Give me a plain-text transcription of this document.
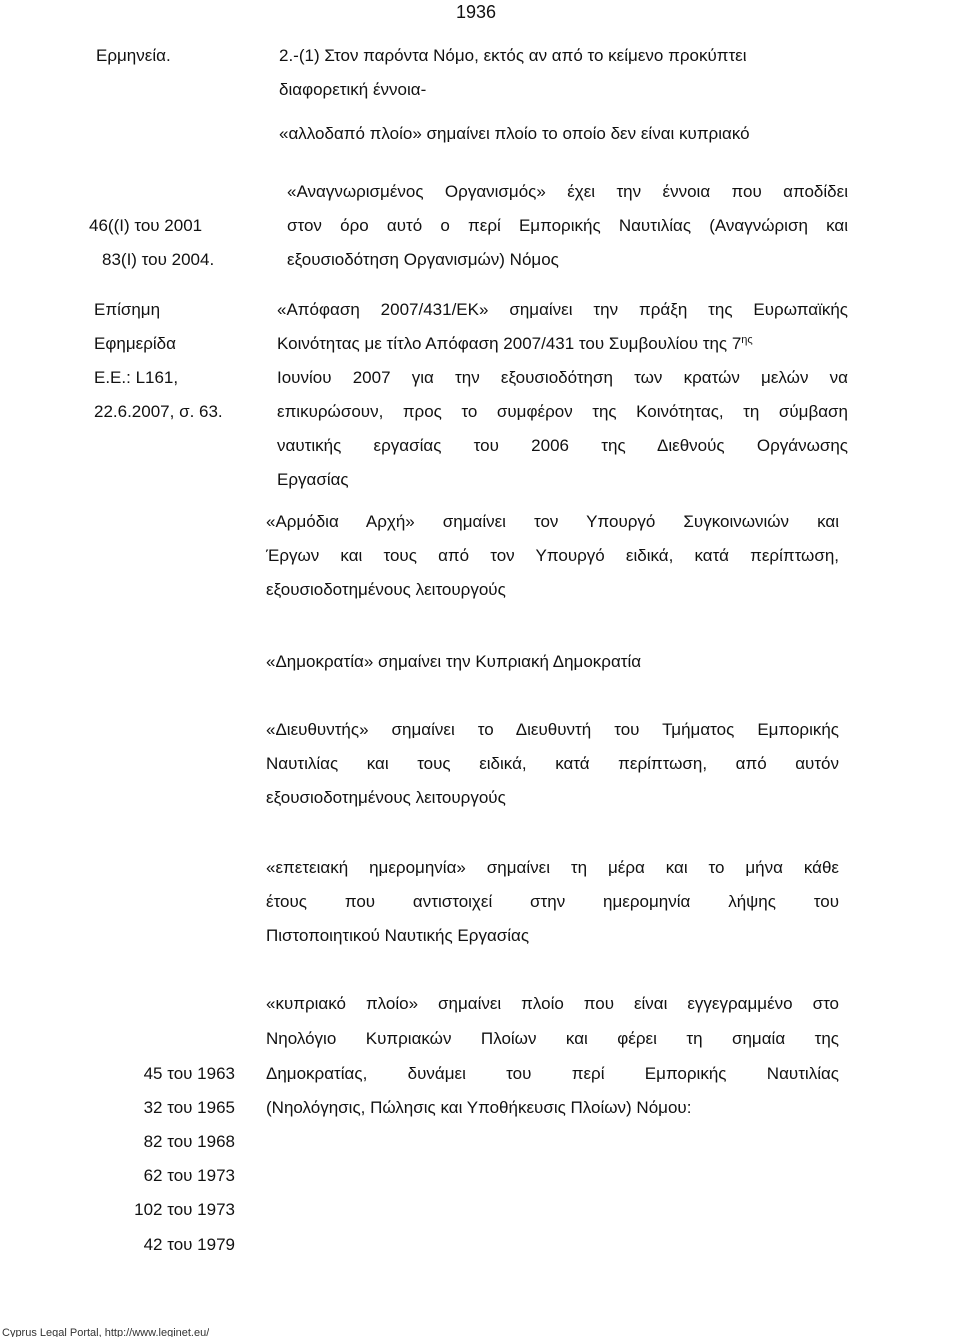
1936
Ερμηνεία.
46((I) του 2001
83(I) του 2004.
Επίσημη
Εφημερίδα
Ε.Ε.: L161,
22.6.2007, σ. 63.
45 του 1963
32 του 1965
82 του 1968
62 του 1973
102 του 1973
42 του 1979
2.-(1) Στον παρόντα Νόμο, εκτός αν από το κείμενο προκύπτει
διαφορετική έννοια-
«αλλοδαπό πλοίο» σημαίνει πλοίο το οποίο δεν είναι κυπριακό
«Αναγνωρισμένος Οργανισμός» έχει την έννοια που αποδίδει
στον όρο αυτό ο περί Εμπορικής Ναυτιλίας (Αναγνώριση και
εξουσιοδότηση Οργανισμών) Νόμος
«Απόφαση 2007/431/ΕΚ» σημαίνει την πράξη της Ευρωπαϊκής
Κοινότητας με τίτλο Απόφαση 2007/431 του Συμβουλίου της $7^{\eta\varsigma}$
Ιουνίου 2007 για την εξουσιοδότηση των κρατών μελών να
επικυρώσουν, προς το συμφέρον της Κοινότητας, τη σύμβαση
ναυτικής εργασίας του 2006 της Διεθνούς Οργάνωσης
Εργασίας
«Αρμόδια Αρχή» σημαίνει τον Υπουργό Συγκοινωνιών και
Έργων και τους από τον Υπουργό ειδικά, κατά περίπτωση,
εξουσιοδοτημένους λειτουργούς
«Δημοκρατία» σημαίνει την Κυπριακή Δημοκρατία
«Διευθυντής» σημαίνει το Διευθυντή του Τμήματος Εμπορικής
Ναυτιλίας και τους ειδικά, κατά περίπτωση, από αυτόν
εξουσιοδοτημένους λειτουργούς
«επετειακή ημερομηνία» σημαίνει τη μέρα και το μήνα κάθε
έτους που αντιστοιχεί στην ημερομηνία λήψης του
Πιστοποιητικού Ναυτικής Εργασίας
«κυπριακό πλοίο» σημαίνει πλοίο που είναι εγγεγραμμένο στο
Νηολόγιο Κυπριακών Πλοίων και φέρει τη σημαία της
Δημοκρατίας, δυνάμει του περί Εμπορικής Ναυτιλίας
(Νηολόγησις, Πώλησις και Υποθήκευσις Πλοίων) Νόμου:
Cyprus Legal Portal, http://www.leginet.eu/
